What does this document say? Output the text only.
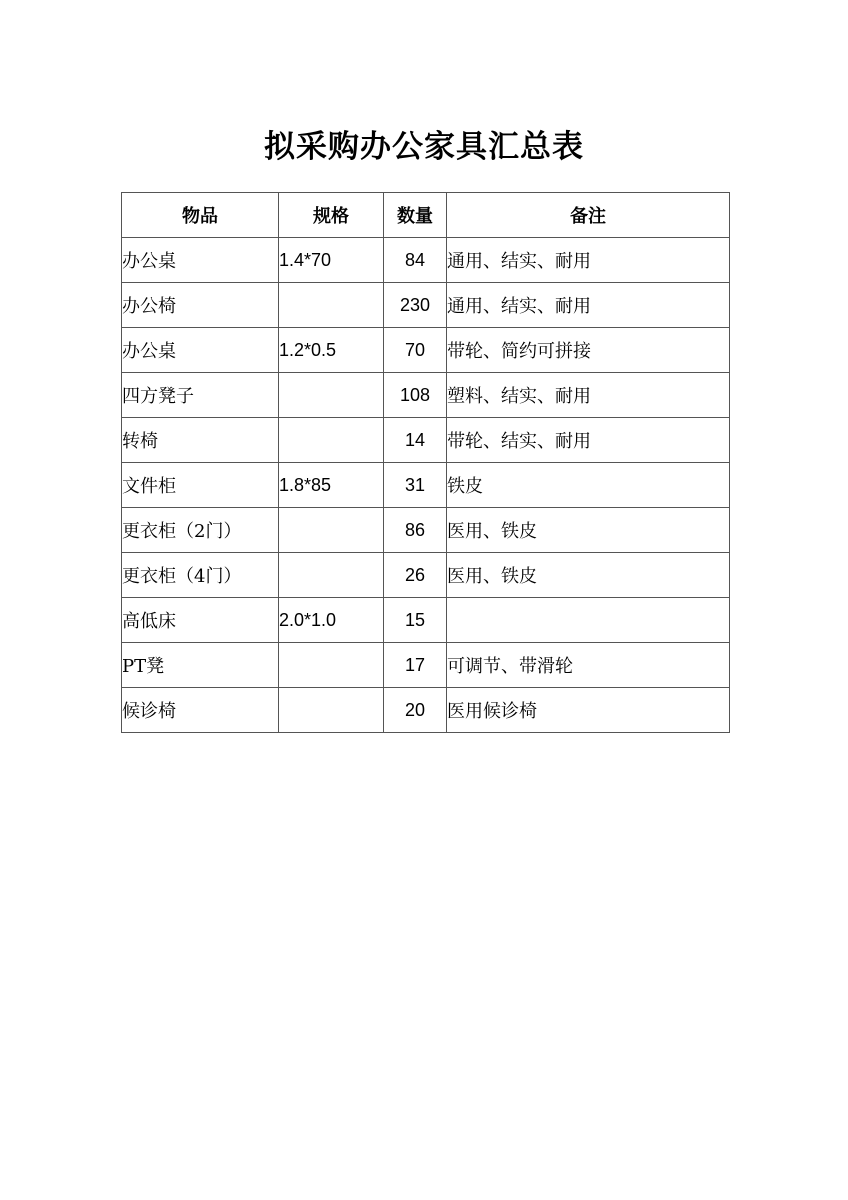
拟采购办公家具汇总表
物品	规格	数量	备注
办公桌	1.4*70	84	通用、结实、耐用
办公椅		230	通用、结实、耐用
办公桌	1.2*0.5	70	带轮、简约可拼接
四方凳子		108	塑料、结实、耐用
转椅		14	带轮、结实、耐用
文件柜	1.8*85	31	铁皮
更衣柜（2门）		86	医用、铁皮
更衣柜（4门）		26	医用、铁皮
高低床	2.0*1.0	15	
PT凳		17	可调节、带滑轮
候诊椅		20	医用候诊椅
